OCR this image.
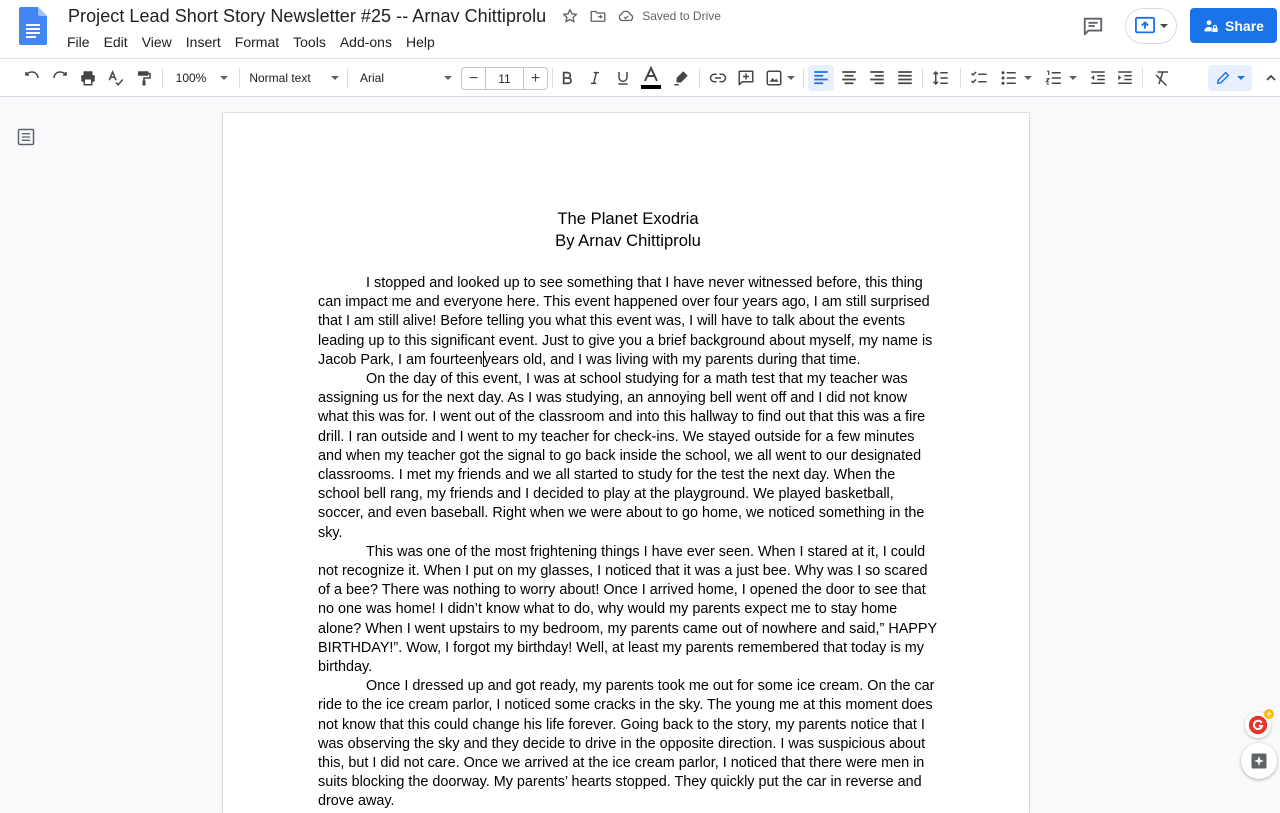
Project Lead Short Story Newsletter #25 -- Arnav Chittiprolu	Saved to Drive
File	Edit	View	Insert	Format	Tools	Add-ons	Help
Share
100%	Normal text	Arial	−	11	+
The Planet Exodria
By Arnav Chittiprolu
I stopped and looked up to see something that I have never witnessed before, this thing can impact me and everyone here. This event happened over four years ago, I am still surprised that I am still alive! Before telling you what this event was, I will have to talk about the events leading up to this significant event. Just to give you a brief background about myself, my name is Jacob Park, I am fourteenyears old, and I was living with my parents during that time.
On the day of this event, I was at school studying for a math test that my teacher was assigning us for the next day. As I was studying, an annoying bell went off and I did not know what this was for. I went out of the classroom and into this hallway to find out that this was a fire drill. I ran outside and I went to my teacher for check-ins. We stayed outside for a few minutes and when my teacher got the signal to go back inside the school, we all went to our designated classrooms. I met my friends and we all started to study for the test the next day. When the school bell rang, my friends and I decided to play at the playground. We played basketball, soccer, and even baseball. Right when we were about to go home, we noticed something in the sky.
This was one of the most frightening things I have ever seen. When I stared at it, I could not recognize it. When I put on my glasses, I noticed that it was a just bee. Why was I so scared of a bee? There was nothing to worry about! Once I arrived home, I opened the door to see that no one was home! I didn’t know what to do, why would my parents expect me to stay home alone? When I went upstairs to my bedroom, my parents came out of nowhere and said,” HAPPY BIRTHDAY!”. Wow, I forgot my birthday! Well, at least my parents remembered that today is my birthday.
Once I dressed up and got ready, my parents took me out for some ice cream. On the car ride to the ice cream parlor, I noticed some cracks in the sky. The young me at this moment does not know that this could change his life forever. Going back to the story, my parents notice that I was observing the sky and they decide to drive in the opposite direction. I was suspicious about this, but I did not care. Once we arrived at the ice cream parlor, I noticed that there were men in suits blocking the doorway. My parents’ hearts stopped. They quickly put the car in reverse and drove away.
+
